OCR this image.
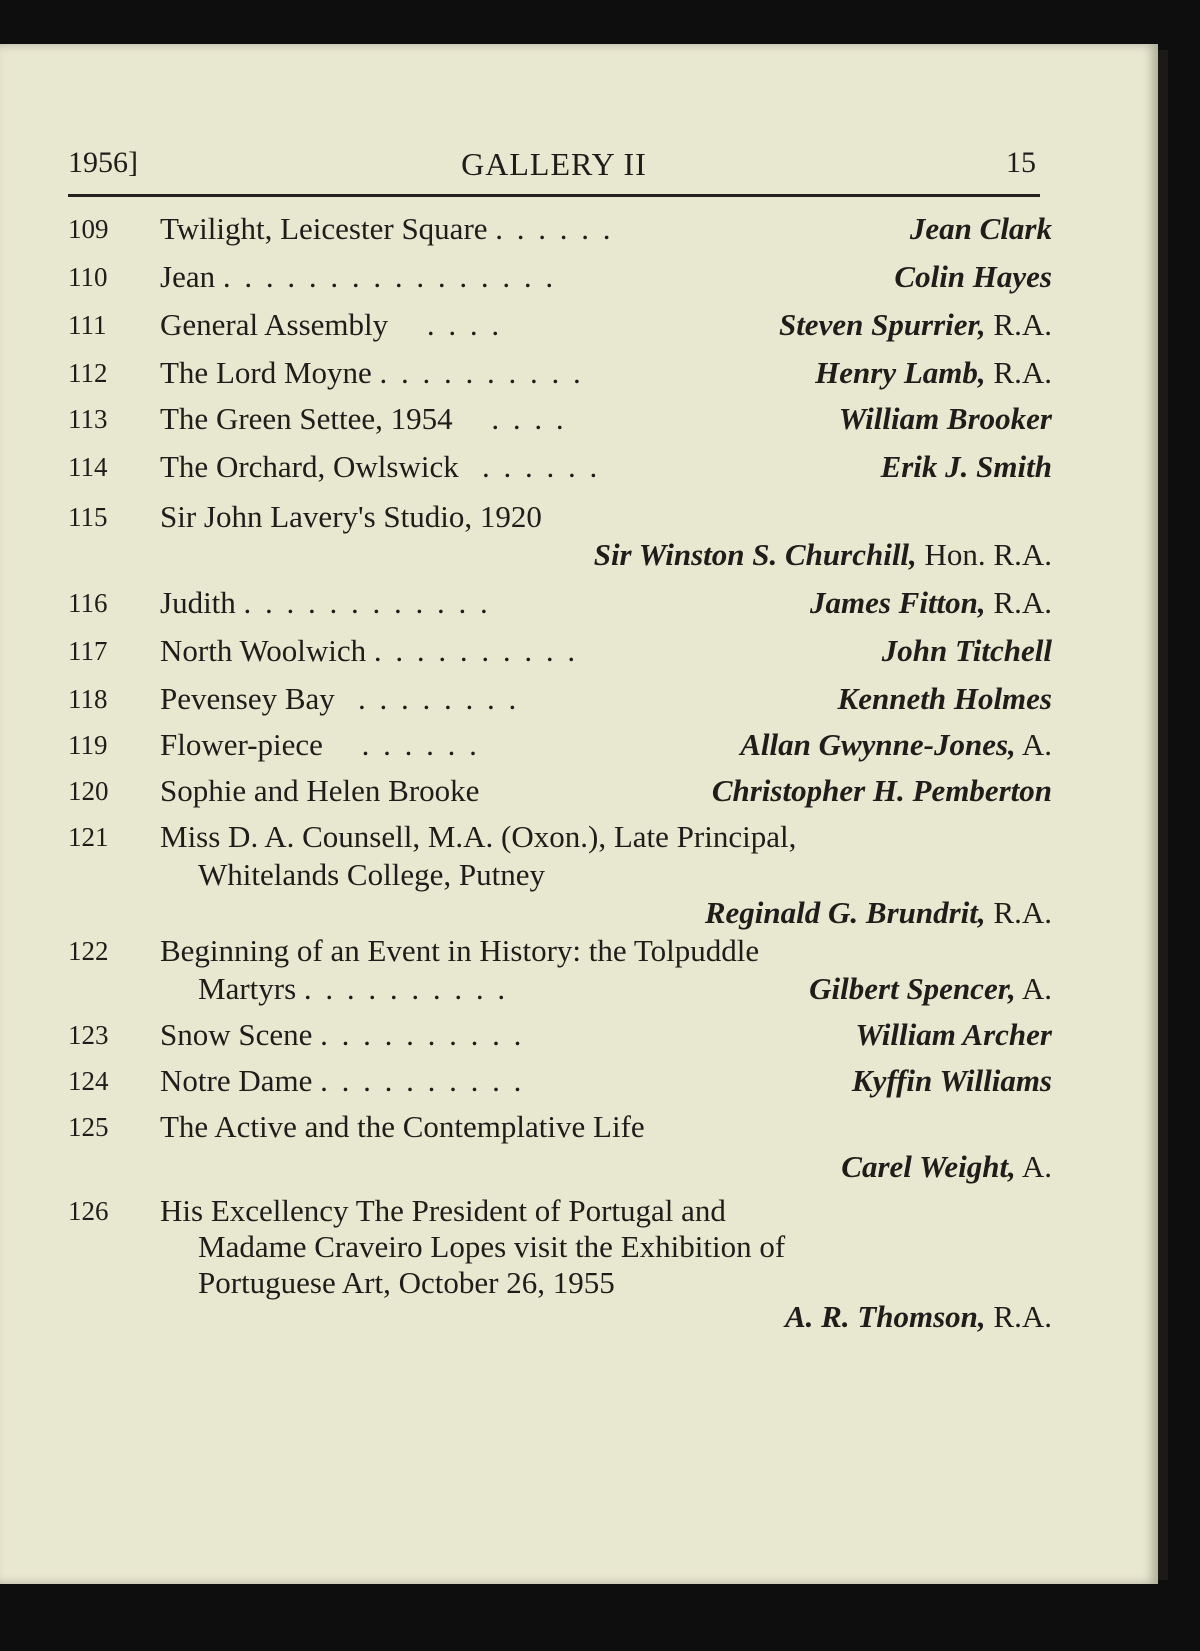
1956]	GALLERY II	15
109	Twilight, Leicester Square . . . . . .	Jean Clark
110	Jean . . . . . . . . . . . . . . . .	Colin Hayes
111	General Assembly . . . .	Steven Spurrier, R.A.
112	The Lord Moyne . . . . . . . . . .	Henry Lamb, R.A.
113	The Green Settee, 1954 . . . .	William Brooker
114	The Orchard, Owlswick . . . . . .	Erik J. Smith
115	Sir John Lavery's Studio, 1920
Sir Winston S. Churchill, Hon. R.A.
116	Judith . . . . . . . . . . . .	James Fitton, R.A.
117	North Woolwich . . . . . . . . . .	John Titchell
118	Pevensey Bay . . . . . . . .	Kenneth Holmes
119	Flower-piece . . . . . .	Allan Gwynne-Jones, A.
120	Sophie and Helen Brooke	Christopher H. Pemberton
121	Miss D. A. Counsell, M.A. (Oxon.), Late Principal,
Whitelands College, Putney
Reginald G. Brundrit, R.A.
122	Beginning of an Event in History: the Tolpuddle
Martyrs . . . . . . . . . .	Gilbert Spencer, A.
123	Snow Scene . . . . . . . . . .	William Archer
124	Notre Dame . . . . . . . . . .	Kyffin Williams
125	The Active and the Contemplative Life
Carel Weight, A.
126	His Excellency The President of Portugal and
Madame Craveiro Lopes visit the Exhibition of
Portuguese Art, October 26, 1955
A. R. Thomson, R.A.
